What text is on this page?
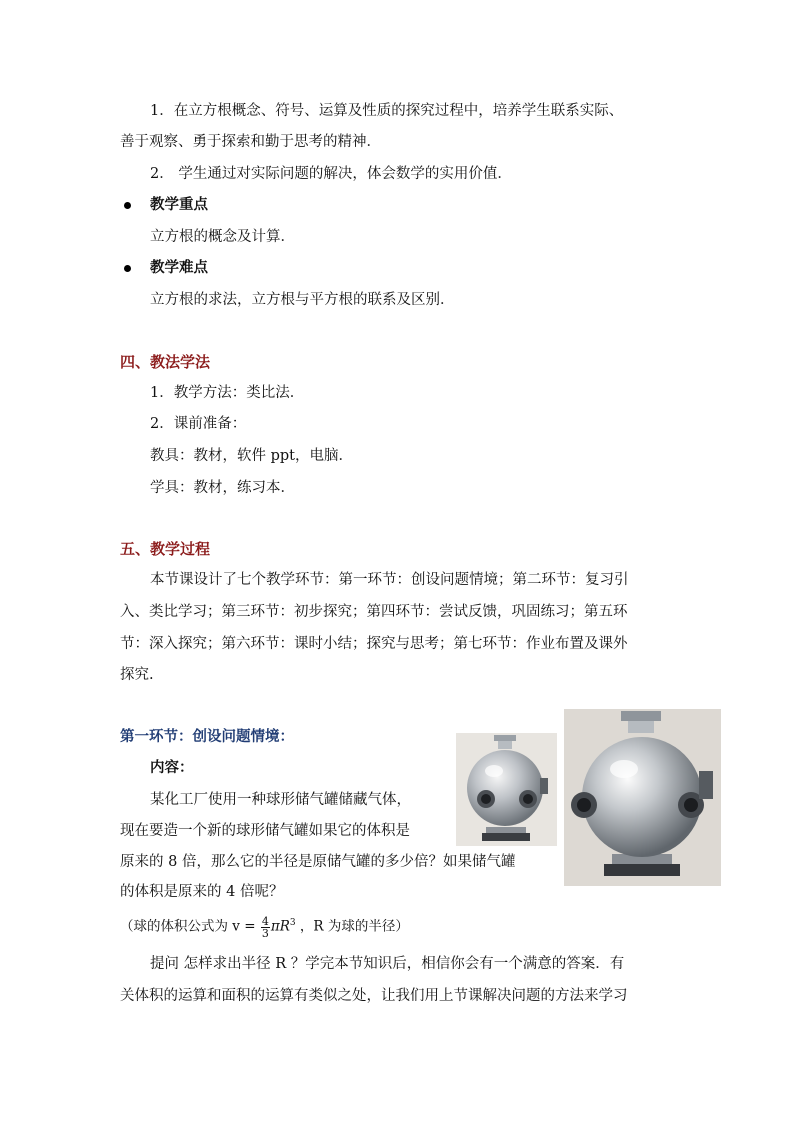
1．在立方根概念、符号、运算及性质的探究过程中，培养学生联系实际、
善于观察、勇于探索和勤于思考的精神．
2． 学生通过对实际问题的解决，体会数学的实用价值．
教学重点
立方根的概念及计算．
教学难点
立方根的求法，立方根与平方根的联系及区别．
四、教法学法
1．教学方法：类比法．
2．课前准备：
教具：教材，软件 ppt，电脑．
学具：教材，练习本．
五、教学过程
本节课设计了七个教学环节：第一环节：创设问题情境；第二环节：复习引
入、类比学习；第三环节：初步探究；第四环节：尝试反馈，巩固练习；第五环
节：深入探究；第六环节：课时小结；探究与思考；第七环节：作业布置及课外
探究.
第一环节：创设问题情境：
内容：
某化工厂使用一种球形储气罐储藏气体，
现在要造一个新的球形储气罐如果它的体积是
原来的 8 倍，那么它的半径是原储气罐的多少倍？如果储气罐
的体积是原来的 4 倍呢？
（球的体积公式为 $v = \frac{4}{3} \pi R^3$ ，R 为球的半径）
提问 怎样求出半径 R ？学完本节知识后，相信你会有一个满意的答案．有
关体积的运算和面积的运算有类似之处，让我们用上节课解决问题的方法来学习
